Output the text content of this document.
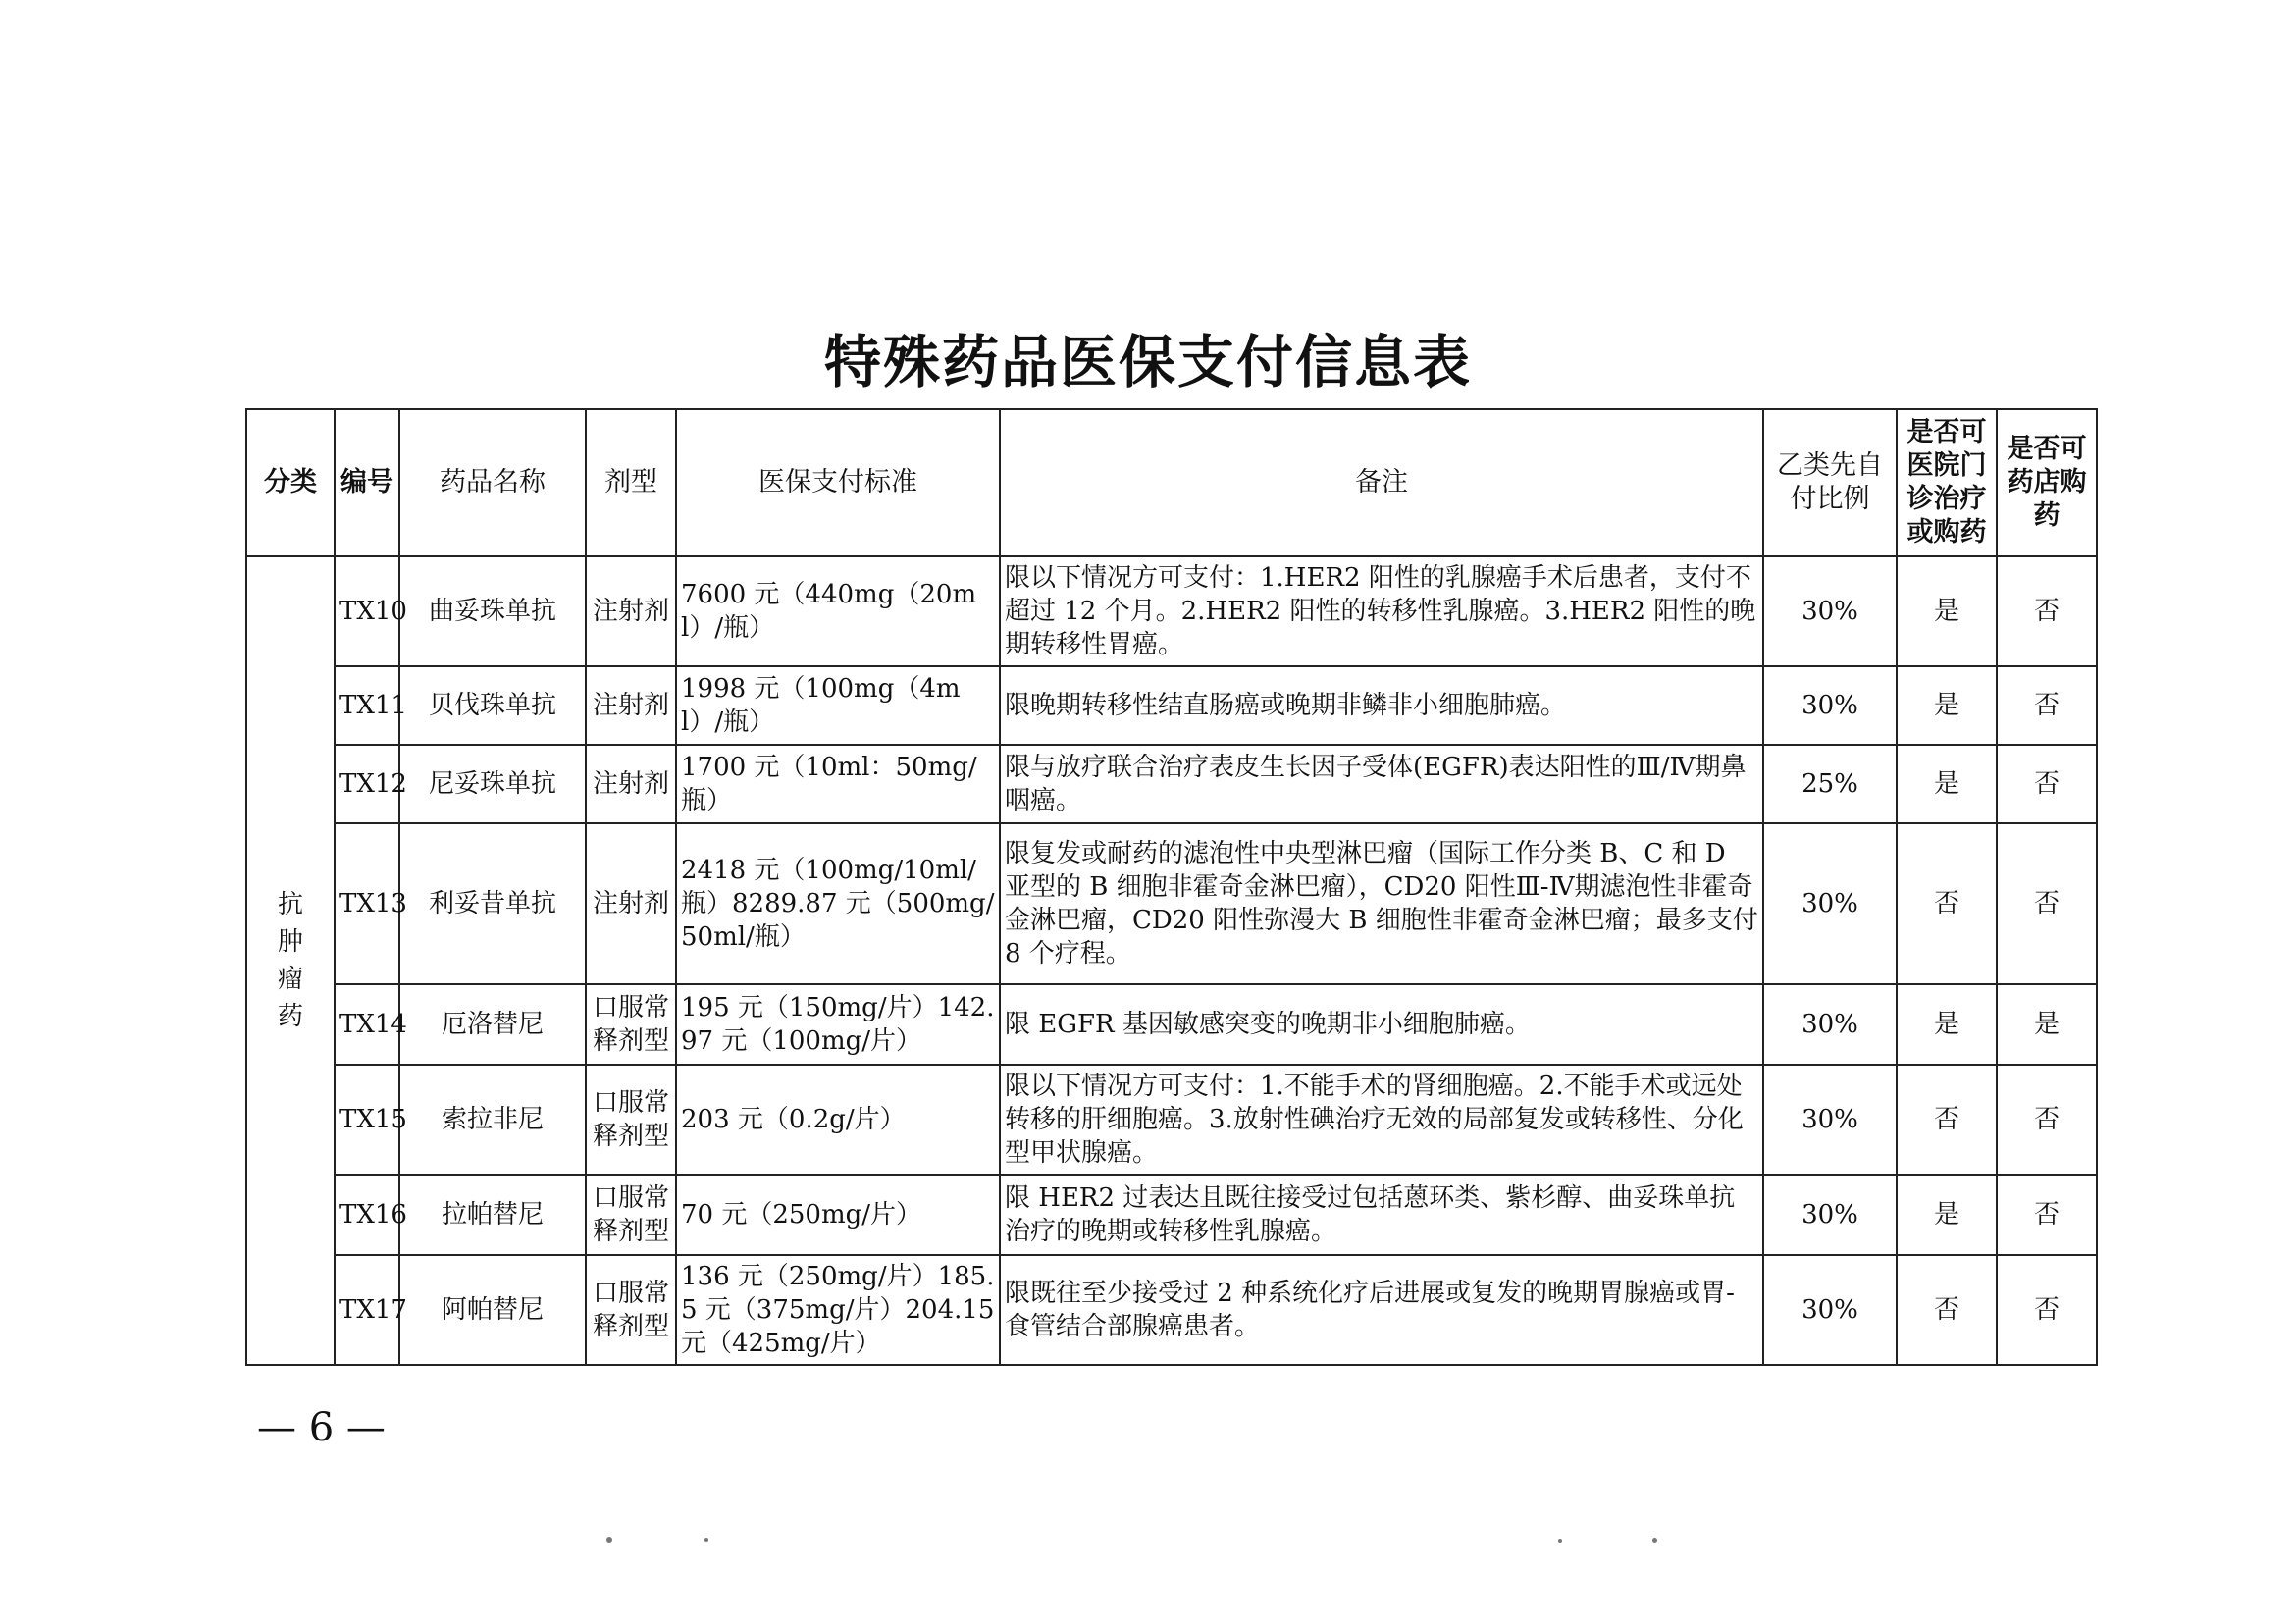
特殊药品医保支付信息表
分类	编号	药品名称	剂型	医保支付标准	备注	乙类先自付比例	是否可医院门诊治疗或购药	是否可药店购药
抗肿瘤药	TX10	曲妥珠单抗	注射剂	7600 元（440mg（20ml）/瓶）	限以下情况方可支付：1.HER2 阳性的乳腺癌手术后患者，支付不超过 12 个月。2.HER2 阳性的转移性乳腺癌。3.HER2 阳性的晚期转移性胃癌。	30%	是	否
	TX11	贝伐珠单抗	注射剂	1998 元（100mg（4ml）/瓶）	限晚期转移性结直肠癌或晚期非鳞非小细胞肺癌。	30%	是	否
	TX12	尼妥珠单抗	注射剂	1700 元（10ml：50mg/瓶）	限与放疗联合治疗表皮生长因子受体(EGFR)表达阳性的Ⅲ/Ⅳ期鼻咽癌。	25%	是	否
	TX13	利妥昔单抗	注射剂	2418 元（100mg/10ml/瓶）8289.87 元（500mg/50ml/瓶）	限复发或耐药的滤泡性中央型淋巴瘤（国际工作分类 B、C 和 D 亚型的 B 细胞非霍奇金淋巴瘤），CD20 阳性Ⅲ-Ⅳ期滤泡性非霍奇金淋巴瘤，CD20 阳性弥漫大 B 细胞性非霍奇金淋巴瘤；最多支付 8 个疗程。	30%	否	否
	TX14	厄洛替尼	口服常释剂型	195 元（150mg/片）142.97 元（100mg/片）	限 EGFR 基因敏感突变的晚期非小细胞肺癌。	30%	是	是
	TX15	索拉非尼	口服常释剂型	203 元（0.2g/片）	限以下情况方可支付：1.不能手术的肾细胞癌。2.不能手术或远处转移的肝细胞癌。3.放射性碘治疗无效的局部复发或转移性、分化型甲状腺癌。	30%	否	否
	TX16	拉帕替尼	口服常释剂型	70 元（250mg/片）	限 HER2 过表达且既往接受过包括蒽环类、紫杉醇、曲妥珠单抗治疗的晚期或转移性乳腺癌。	30%	是	否
	TX17	阿帕替尼	口服常释剂型	136 元（250mg/片）185.5 元（375mg/片）204.15 元（425mg/片）	限既往至少接受过 2 种系统化疗后进展或复发的晚期胃腺癌或胃-食管结合部腺癌患者。	30%	否	否
— 6 —
